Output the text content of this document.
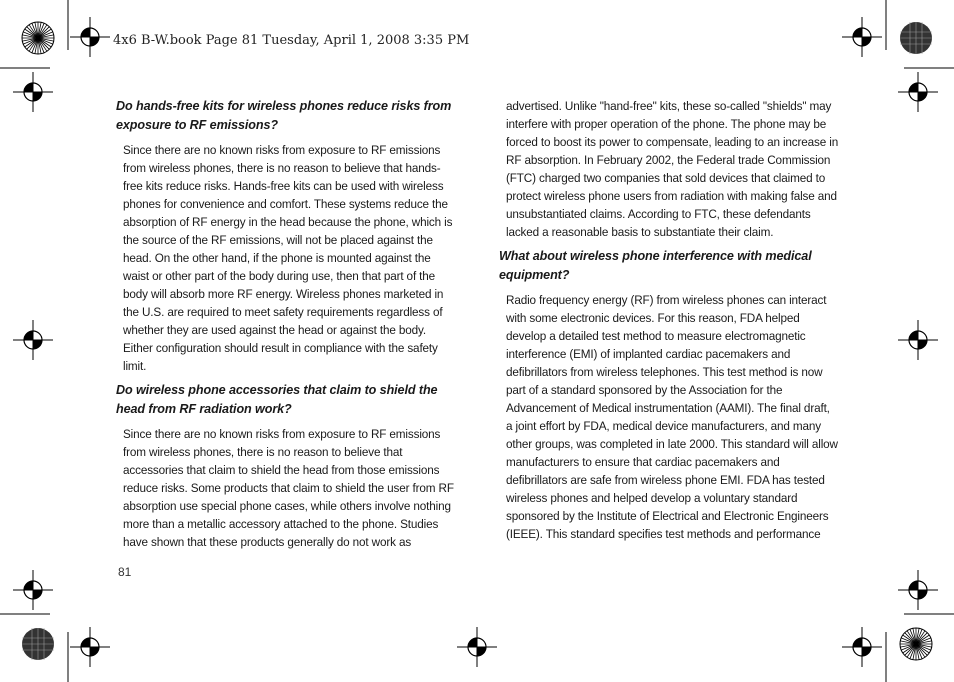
4x6 B-W.book Page 81 Tuesday, April 1, 2008 3:35 PM
Do hands-free kits for wireless phones reduce risks from exposure to RF emissions?
Since there are no known risks from exposure to RF emissions from wireless phones, there is no reason to believe that hands-free kits reduce risks. Hands-free kits can be used with wireless phones for convenience and comfort. These systems reduce the absorption of RF energy in the head because the phone, which is the source of the RF emissions, will not be placed against the head. On the other hand, if the phone is mounted against the waist or other part of the body during use, then that part of the body will absorb more RF energy. Wireless phones marketed in the U.S. are required to meet safety requirements regardless of whether they are used against the head or against the body. Either configuration should result in compliance with the safety limit.
Do wireless phone accessories that claim to shield the head from RF radiation work?
Since there are no known risks from exposure to RF emissions from wireless phones, there is no reason to believe that accessories that claim to shield the head from those emissions reduce risks. Some products that claim to shield the user from RF absorption use special phone cases, while others involve nothing more than a metallic accessory attached to the phone. Studies have shown that these products generally do not work as
advertised. Unlike "hand-free" kits, these so-called "shields" may interfere with proper operation of the phone. The phone may be forced to boost its power to compensate, leading to an increase in RF absorption. In February 2002, the Federal trade Commission (FTC) charged two companies that sold devices that claimed to protect wireless phone users from radiation with making false and unsubstantiated claims. According to FTC, these defendants lacked a reasonable basis to substantiate their claim.
What about wireless phone interference with medical equipment?
Radio frequency energy (RF) from wireless phones can interact with some electronic devices. For this reason, FDA helped develop a detailed test method to measure electromagnetic interference (EMI) of implanted cardiac pacemakers and defibrillators from wireless telephones. This test method is now part of a standard sponsored by the Association for the Advancement of Medical instrumentation (AAMI). The final draft, a joint effort by FDA, medical device manufacturers, and many other groups, was completed in late 2000. This standard will allow manufacturers to ensure that cardiac pacemakers and defibrillators are safe from wireless phone EMI. FDA has tested wireless phones and helped develop a voluntary standard sponsored by the Institute of Electrical and Electronic Engineers (IEEE). This standard specifies test methods and performance
81
